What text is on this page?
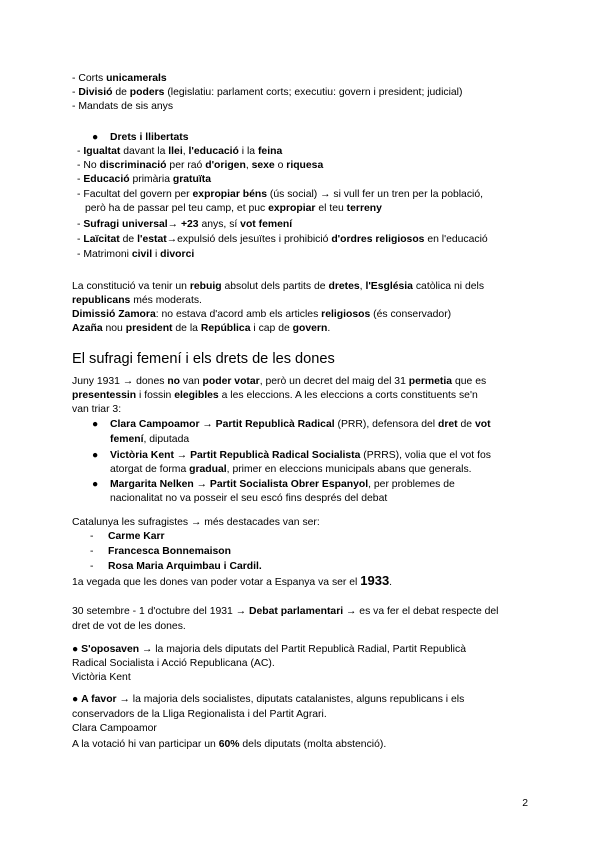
- Corts unicamerals
- Divisió de poders (legislatiu: parlament corts; executiu: govern i president; judicial)
- Mandats de sis anys
● Drets i llibertats
- Igualtat davant la llei, l'educació i la feina
- No discriminació per raó d'origen, sexe o riquesa
- Educació primària gratuïta
- Facultat del govern per expropiar béns (ús social) → si vull fer un tren per la població,
però ha de passar pel teu camp, et puc expropiar el teu terreny
- Sufragi universal→ +23 anys, sí vot femení
- Laïcitat de l'estat→expulsió dels jesuïtes i prohibició d'ordres religiosos en l'educació
- Matrimoni civil i divorci
La constitució va tenir un rebuig absolut dels partits de dretes, l'Església catòlica ni dels
republicans més moderats.
Dimissió Zamora: no estava d'acord amb els articles religiosos (és conservador)
Azaña nou president de la República i cap de govern.
El sufragi femení i els drets de les dones
Juny 1931 → dones no van poder votar, però un decret del maig del 31 permetia que es
presentessin i fossin elegibles a les eleccions. A les eleccions a corts constituents se'n
van triar 3:
● Clara Campoamor → Partit Republicà Radical (PRR), defensora del dret de vot
femení, diputada
● Victòria Kent → Partit Republicà Radical Socialista (PRRS), volia que el vot fos
atorgat de forma gradual, primer en eleccions municipals abans que generals.
● Margarita Nelken → Partit Socialista Obrer Espanyol, per problemes de
nacionalitat no va posseir el seu escó fins després del debat
Catalunya les sufragistes → més destacades van ser:
-	Carme Karr
-	Francesca Bonnemaison
-	Rosa Maria Arquimbau i Cardil.
1a vegada que les dones van poder votar a Espanya va ser el 1933.
30 setembre - 1 d'octubre del 1931 → Debat parlamentari → es va fer el debat respecte del
dret de vot de les dones.
● S'oposaven → la majoria dels diputats del Partit Republicà Radial, Partit Republicà
Radical Socialista i Acció Republicana (AC).
Victòria Kent
● A favor → la majoria dels socialistes, diputats catalanistes, alguns republicans i els
conservadors de la Lliga Regionalista i del Partit Agrari.
Clara Campoamor
A la votació hi van participar un 60% dels diputats (molta abstenció).
2
